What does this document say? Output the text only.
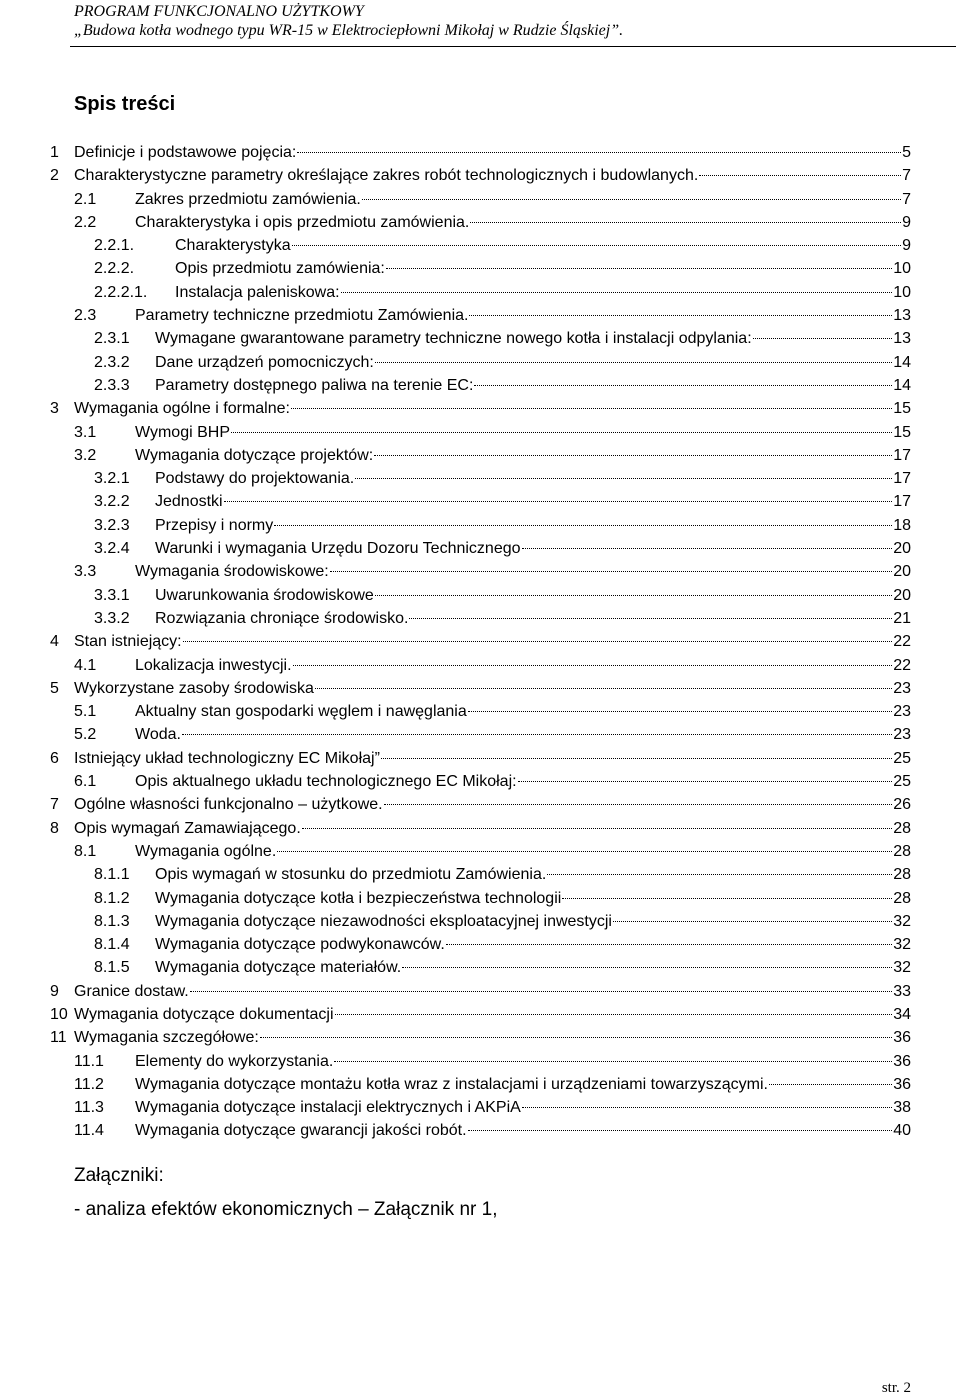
PROGRAM FUNKCJONALNO UŻYTKOWY
„Budowa kotła wodnego typu WR-15 w Elektrociepłowni Mikołaj w Rudzie Śląskiej”.
Spis treści
1 Definicje i podstawowe pojęcia:	5
2 Charakterystyczne parametry określające zakres robót technologicznych i budowlanych.	7
2.1 Zakres przedmiotu zamówienia.	7
2.2 Charakterystyka i opis przedmiotu zamówienia.	9
2.2.1.	Charakterystyka	9
2.2.2.	Opis przedmiotu zamówienia:	10
2.2.2.1. Instalacja paleniskowa:	10
2.3 Parametry techniczne przedmiotu Zamówienia.	13
2.3.1 Wymagane gwarantowane parametry techniczne nowego kotła i instalacji odpylania:	13
2.3.2 Dane urządzeń pomocniczych:	14
2.3.3 Parametry dostępnego paliwa na terenie EC:	14
3 Wymagania ogólne i formalne:	15
3.1 Wymogi BHP	15
3.2 Wymagania dotyczące projektów:	17
3.2.1 Podstawy do projektowania.	17
3.2.2 Jednostki	17
3.2.3 Przepisy i normy	18
3.2.4 Warunki i wymagania Urzędu Dozoru Technicznego	20
3.3 Wymagania środowiskowe:	20
3.3.1 Uwarunkowania środowiskowe	20
3.3.2 Rozwiązania chroniące środowisko.	21
4 Stan istniejący:	22
4.1 Lokalizacja inwestycji.	22
5 Wykorzystane zasoby środowiska	23
5.1 Aktualny stan gospodarki węglem i nawęglania	23
5.2 Woda.	23
6 Istniejący układ technologiczny EC Mikołaj”	25
6.1 Opis aktualnego układu technologicznego EC Mikołaj:	25
7 Ogólne własności funkcjonalno – użytkowe.	26
8 Opis wymagań Zamawiającego.	28
8.1 Wymagania ogólne.	28
8.1.1 Opis wymagań w stosunku do przedmiotu Zamówienia.	28
8.1.2 Wymagania dotyczące kotła i bezpieczeństwa technologii	28
8.1.3 Wymagania dotyczące niezawodności eksploatacyjnej inwestycji	32
8.1.4 Wymagania dotyczące podwykonawców.	32
8.1.5 Wymagania dotyczące materiałów.	32
9 Granice dostaw.	33
10 Wymagania dotyczące dokumentacji	34
11 Wymagania szczegółowe:	36
11.1 Elementy do wykorzystania.	36
11.2 Wymagania dotyczące montażu kotła wraz z instalacjami i urządzeniami towarzyszącymi.	36
11.3 Wymagania dotyczące instalacji elektrycznych i AKPiA	38
11.4 Wymagania dotyczące gwarancji jakości robót.	40
Załączniki:
- analiza efektów ekonomicznych – Załącznik nr 1,
str. 2
